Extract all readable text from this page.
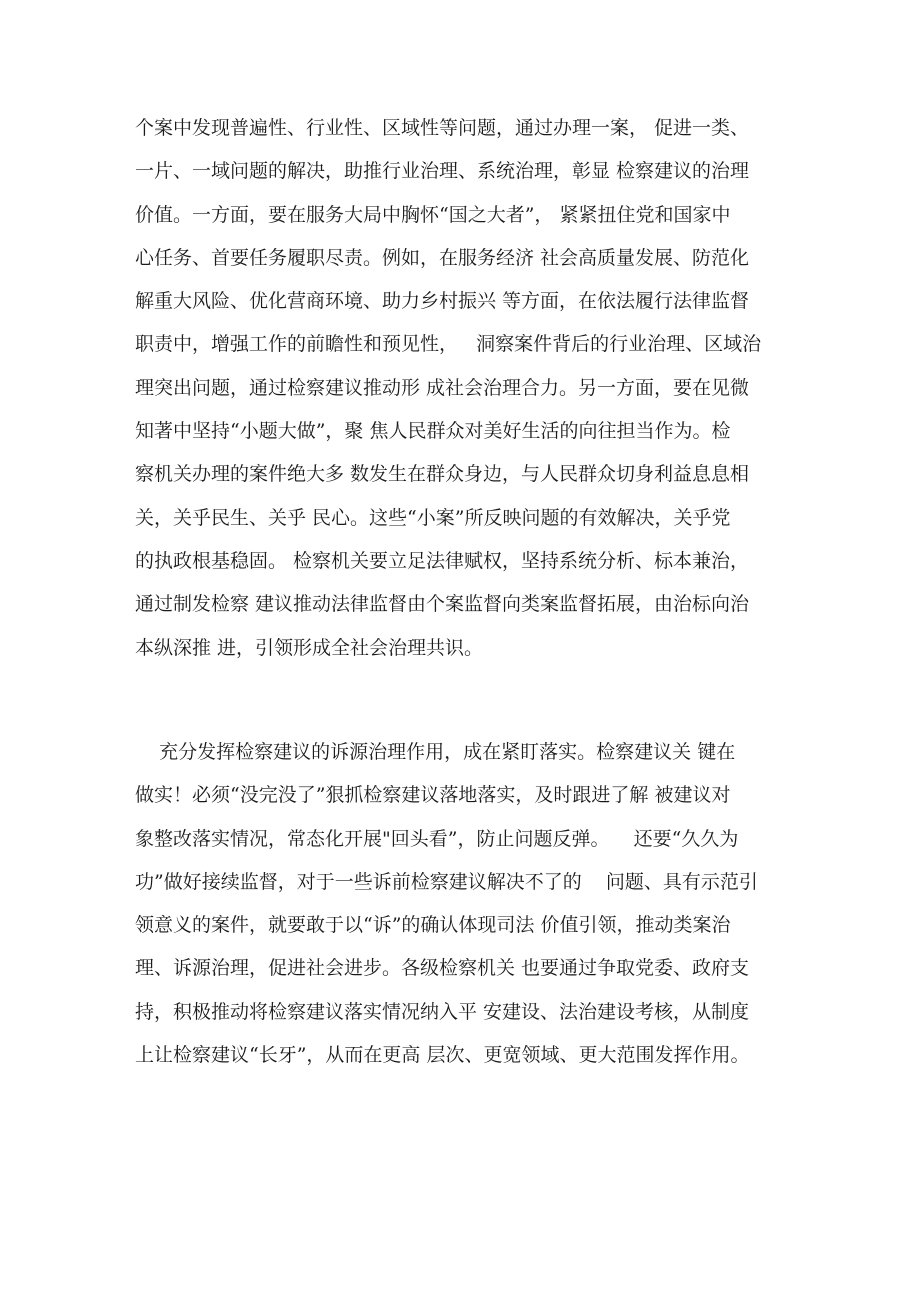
个案中发现普遍性、行业性、区域性等问题，通过办理一案， 促进一类、
一片、一域问题的解决，助推行业治理、系统治理，彰显 检察建议的治理
价值。一方面，要在服务大局中胸怀“国之大者”， 紧紧扭住党和国家中
心任务、首要任务履职尽责。例如，在服务经济 社会高质量发展、防范化
解重大风险、优化营商环境、助力乡村振兴 等方面，在依法履行法律监督
职责中，增强工作的前瞻性和预见性，   洞察案件背后的行业治理、区域治
理突出问题，通过检察建议推动形 成社会治理合力。另一方面，要在见微
知著中坚持“小题大做”，聚 焦人民群众对美好生活的向往担当作为。检
察机关办理的案件绝大多 数发生在群众身边，与人民群众切身利益息息相
关，关乎民生、关乎 民心。这些“小案”所反映问题的有效解决，关乎党
的执政根基稳固。 检察机关要立足法律赋权，坚持系统分析、标本兼治，
通过制发检察 建议推动法律监督由个案监督向类案监督拓展，由治标向治
本纵深推 进，引领形成全社会治理共识。
充分发挥检察建议的诉源治理作用，成在紧盯落实。检察建议关 键在
做实！必须“没完没了”狠抓检察建议落地落实，及时跟进了解 被建议对
象整改落实情况，常态化开展"回头看”，防止问题反弹。    还要“久久为
功”做好接续监督，对于一些诉前检察建议解决不了的    问题、具有示范引
领意义的案件，就要敢于以“诉”的确认体现司法 价值引领，推动类案治
理、诉源治理，促进社会进步。各级检察机关 也要通过争取党委、政府支
持，积极推动将检察建议落实情况纳入平 安建设、法治建设考核，从制度
上让检察建议“长牙”，从而在更高 层次、更宽领域、更大范围发挥作用。
